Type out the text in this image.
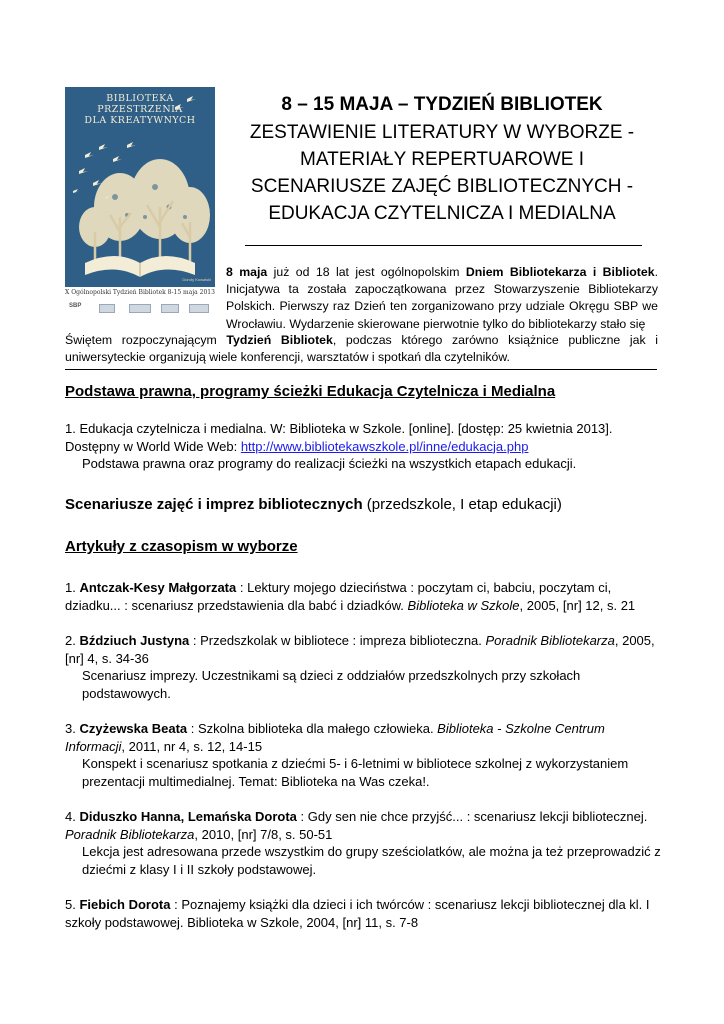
BIBLIOTEKA
PRZESTRZENIA
DLA KREATYWNYCH
Doroty Kowalski
X Ogólnopolski Tydzień Bibliotek 8-15 maja 2013
SBP
8 – 15 MAJA – TYDZIEŃ BIBLIOTEK
ZESTAWIENIE LITERATURY W WYBORZE -
MATERIAŁY REPERTUAROWE I
SCENARIUSZE ZAJĘĆ BIBLIOTECZNYCH -
EDUKACJA CZYTELNICZA I MEDIALNA
8 maja już od 18 lat jest ogólnopolskim Dniem Bibliotekarza i Bibliotek. Inicjatywa ta została zapoczątkowana przez Stowarzyszenie Bibliotekarzy Polskich. Pierwszy raz Dzień ten zorganizowano przy udziale Okręgu SBP we Wrocławiu. Wydarzenie skierowane pierwotnie tylko do bibliotekarzy stało się
Świętem rozpoczynającym Tydzień Bibliotek, podczas którego zarówno książnice publiczne jak i uniwersyteckie organizują wiele konferencji, warsztatów i spotkań dla czytelników.
Podstawa prawna, programy ścieżki Edukacja Czytelnicza i Medialna

1. Edukacja czytelnicza i medialna. W: Biblioteka w Szkole. [online]. [dostęp: 25 kwietnia 2013].

Dostępny w World Wide Web: http://www.bibliotekawszkole.pl/inne/edukacja.php

Podstawa prawna oraz programy do realizacji ścieżki na wszystkich etapach edukacji.

Scenariusze zajęć i imprez bibliotecznych (przedszkole, I etap edukacji)
Artykuły z czasopism w wyborze

1. Antczak-Kesy Małgorzata : Lektury mojego dzieciństwa : poczytam ci, babciu, poczytam ci, dziadku... : scenariusz przedstawienia dla babć i dziadków. Biblioteka w Szkole, 2005, [nr] 12, s. 21

2. Bździuch Justyna : Przedszkolak w bibliotece : impreza biblioteczna. Poradnik Bibliotekarza, 2005, [nr] 4, s. 34-36

Scenariusz imprezy. Uczestnikami są dzieci z oddziałów przedszkolnych przy szkołach podstawowych.

3. Czyżewska Beata : Szkolna biblioteka dla małego człowieka. Biblioteka - Szkolne Centrum Informacji, 2011, nr 4, s. 12, 14-15

Konspekt i scenariusz spotkania z dziećmi 5- i 6-letnimi w bibliotece szkolnej z wykorzystaniem prezentacji multimedialnej. Temat: Biblioteka na Was czeka!.

4. Diduszko Hanna, Lemańska Dorota : Gdy sen nie chce przyjść... : scenariusz lekcji bibliotecznej. Poradnik Bibliotekarza, 2010, [nr] 7/8, s. 50-51

Lekcja jest adresowana przede wszystkim do grupy sześciolatków, ale można ja też przeprowadzić z dziećmi z klasy I i II szkoły podstawowej.

5. Fiebich Dorota : Poznajemy książki dla dzieci i ich twórców : scenariusz lekcji bibliotecznej dla kl. I szkoły podstawowej. Biblioteka w Szkole, 2004, [nr] 11, s. 7-8
